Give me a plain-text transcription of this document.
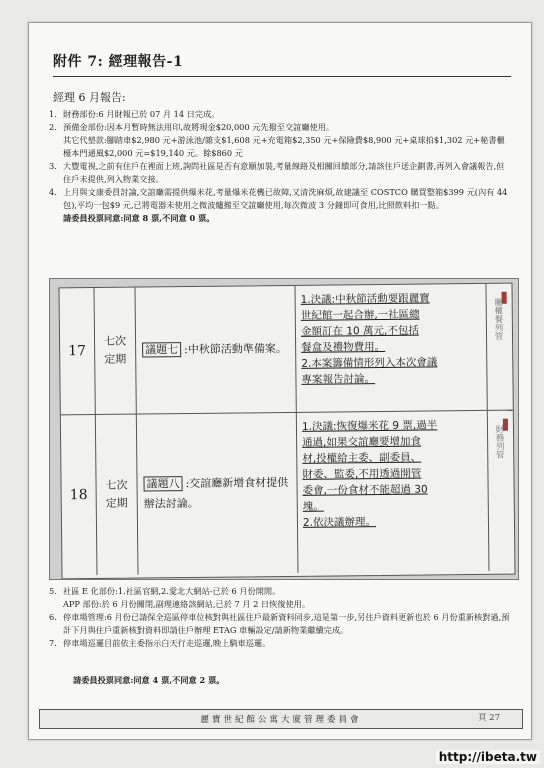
附件 7: 經理報告-1
經理 6 月報告:
1. 財務部份:6 月財報已於 07 月 14 日完成。
2. 預備金部份:因本月暫時無法用印,故將現金$20,000 元先撥至交誼廳使用。
其它代墊款:腳踏車$2,980 元+游泳池/雜支$1,608 元+充電箱$2,350 元+保險費$8,900 元+桌球拍$1,302 元+秘書櫃檯本門通風$2,000 元=$19,140 元。餘$860 元
3. 大豐電視,之前有住戶在裡面上班,詢問社區是否有意願加裝,考量線路及相關回饋部分,請該住戶送企劃書,再列入會議報告,但住戶未提供,列入物業交接。
4. 上月與文康委員討論,交誼廳需提供爆米花,考量爆米花機已故障,又清洗麻煩,故建議至 COSTCO 購買整箱$399 元(內有 44 包),平均一包$9 元,已將電器未使用之微波爐搬至交誼廳使用,每次微波 3 分鐘即可食用,比照飲料扣一點。
請委員投票同意:同意 8 票,不同意 0 票。
17
七次
定期
議題七 :中秋節活動準備案。
1.決議:中秋節活動要跟麗寶
世紀館一起合辦,一社區總
金額訂在 10 萬元,不包括
餐盒及禮物費用。
2.本案籌備情形列入本次會議
專案報告討論。
屬權餐列管
18
七次
定期
議題八 :交誼廳新增食材提供辦法討論。
1.決議:恢復爆米花 9 票,過半
通過,如果交誼廳要增加食
材,投權給主委、副委員、
財委、監委,不用透過開管
委會,一份食材不能超過 30
塊。
2.依決議辦理。
財務列管
5. 社區 E 化部份:1.社區官網,2.愛北大網站-已於 6 月份開閒。
APP 部份:於 6 月份關閉,副理連絡該網站,已於 7 月 2 日恢復使用。
6. 停車場管理:6 月份已請保全巡區停車位核對與社區住戶最新資料同步,這是第一步,另住戶資料更新也於 6 月份重新核對過,預計下月與住戶重新核對資料即請住戶辦理 ETAG 車輛設定/請新物業繼續完成。
7. 停車場巡邏目前依主委指示白天行走巡邏,晚上騎車巡邏。
請委員投票同意:同意 4 票,不同意 2 票。
麗寶世紀館公寓大廈管理委員會	頁 27
http://ibeta.tw
